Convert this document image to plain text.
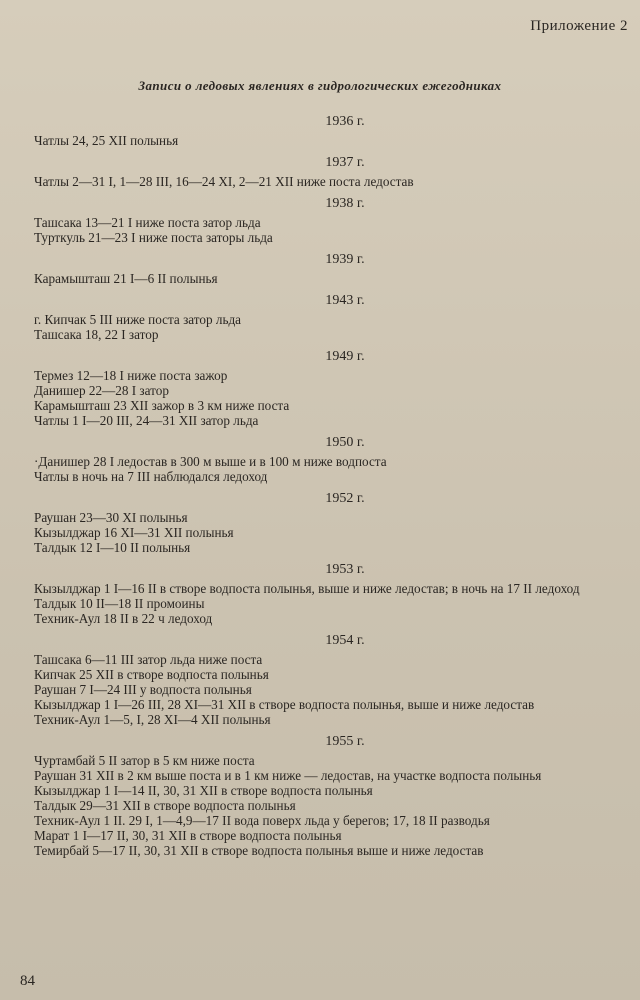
Приложение 2
Записи о ледовых явлениях в гидрологических ежегодниках
1936 г.

Чатлы 24, 25 XII полынья

1937 г.

Чатлы 2—31 I, 1—28 III, 16—24 XI, 2—21 XII ниже поста ледостав

1938 г.

Ташсака 13—21 I ниже поста затор льда

Турткуль 21—23 I ниже поста заторы льда

1939 г.

Карамышташ 21 I—6 II полынья

1943 г.

г. Кипчак 5 III ниже поста затор льда

Ташсака 18, 22 I затор

1949 г.

Термез 12—18 I ниже поста зажор

Данишер 22—28 I затор

Карамышташ 23 XII зажор в 3 км ниже поста

Чатлы 1 I—20 III, 24—31 XII затор льда

1950 г.

·Данишер 28 I ледостав в 300 м выше и в 100 м ниже водпоста

Чатлы в ночь на 7 III наблюдался ледоход

1952 г.

Раушан 23—30 XI полынья

Кызылджар 16 XI—31 XII полынья

Талдык 12 I—10 II полынья

1953 г.

Кызылджар 1 I—16 II в створе водпоста полынья, выше и ниже ледостав; в ночь на 17 II ледоход

Талдык 10 II—18 II промоины

Техник-Аул 18 II в 22 ч ледоход

1954 г.

Ташсака 6—11 III затор льда ниже поста

Кипчак 25 XII в створе водпоста полынья

Раушан 7 I—24 III у водпоста полынья

Кызылджар 1 I—26 III, 28 XI—31 XII в створе водпоста полынья, выше и ниже ледостав

Техник-Аул 1—5, I, 28 XI—4 XII полынья

1955 г.

Чуртамбай 5 II затор в 5 км ниже поста

Раушан 31 XII в 2 км выше поста и в 1 км ниже — ледостав, на участке водпоста полынья

Кызылджар 1 I—14 II, 30, 31 XII в створе водпоста полынья

Талдык 29—31 XII в створе водпоста полынья

Техник-Аул 1 II. 29 I, 1—4,9—17 II вода поверх льда у берегов; 17, 18 II разводья

Марат 1 I—17 II, 30, 31 XII в створе водпоста полынья

Темирбай 5—17 II, 30, 31 XII в створе водпоста полынья выше и ниже ледостав

84
